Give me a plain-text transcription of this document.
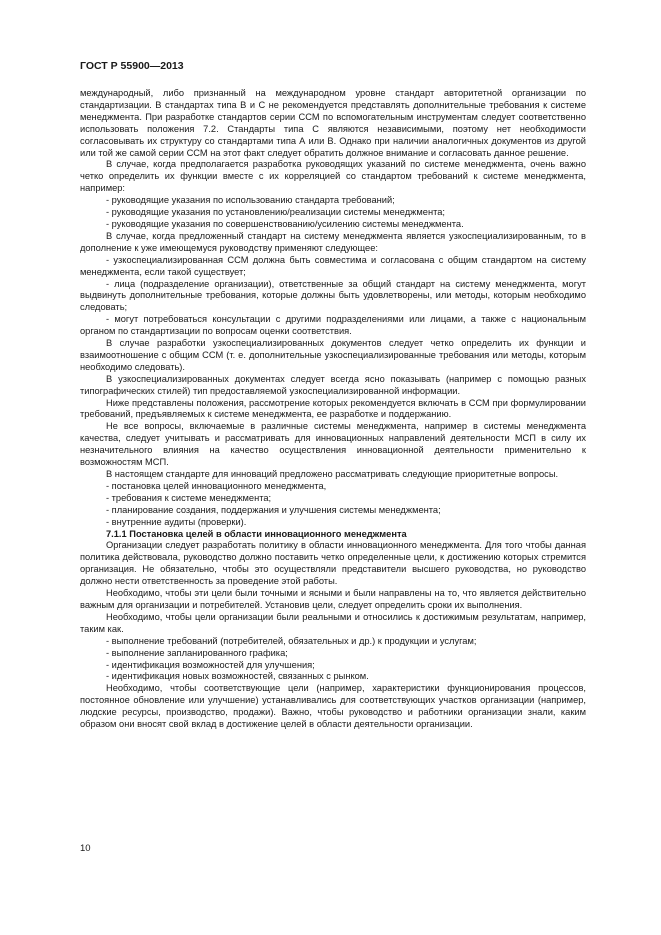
ГОСТ Р 55900—2013

международный, либо признанный на международном уровне стандарт авторитетной организации по стандартизации. В стандартах типа В и С не рекомендуется представлять дополнительные требования к системе менеджмента. При разработке стандартов серии ССМ по вспомогательным инструментам следует соответственно использовать положения 7.2. Стандарты типа С являются независимыми, поэтому нет необходимости согласовывать их структуру со стандартами типа А или В. Однако при наличии аналогичных документов из другой или той же самой серии ССМ на этот факт следует обратить должное внимание и согласовать данное решение.

В случае, когда предполагается разработка руководящих указаний по системе менеджмента, очень важно четко определить их функции вместе с их корреляцией со стандартом требований к системе менеджмента, например:

- руководящие указания по использованию стандарта требований;

- руководящие указания по установлению/реализации системы менеджмента;

- руководящие указания по совершенствованию/усилению системы менеджмента.

В случае, когда предложенный стандарт на систему менеджмента является узкоспециализированным, то в дополнение к уже имеющемуся руководству применяют следующее:

- узкоспециализированная ССМ должна быть совместима и согласована с общим стандартом на систему менеджмента, если такой существует;

- лица (подразделение организации), ответственные за общий стандарт на систему менеджмента, могут выдвинуть дополнительные требования, которые должны быть удовлетворены, или методы, которым необходимо следовать;

- могут потребоваться консультации с другими подразделениями или лицами, а также с национальным органом по стандартизации по вопросам оценки соответствия.

В случае разработки узкоспециализированных документов следует четко определить их функции и взаимоотношение с общим ССМ (т. е. дополнительные узкоспециализированные требования или методы, которым необходимо следовать).

В узкоспециализированных документах следует всегда ясно показывать (например с помощью разных типографических стилей) тип предоставляемой узкоспециализированной информации.

Ниже представлены положения, рассмотрение которых рекомендуется включать в ССМ при формулировании требований, предъявляемых к системе менеджмента, ее разработке и поддержанию.

Не все вопросы, включаемые в различные системы менеджмента, например в системы менеджмента качества, следует учитывать и рассматривать для инновационных направлений деятельности МСП в силу их незначительного влияния на качество осуществления инновационной деятельности применительно к возможностям МСП.

В настоящем стандарте для инноваций предложено рассматривать следующие приоритетные вопросы.

- постановка целей инновационного менеджмента,

- требования к системе менеджмента;

- планирование создания, поддержания и улучшения системы менеджмента;

- внутренние аудиты (проверки).

7.1.1 Постановка целей в области инновационного менеджмента

Организации следует разработать политику в области инновационного менеджмента. Для того чтобы данная политика действовала, руководство должно поставить четко определенные цели, к достижению которых стремится организация. Не обязательно, чтобы это осуществляли представители высшего руководства, но руководство должно нести ответственность за проведение этой работы.

Необходимо, чтобы эти цели были точными и ясными и были направлены на то, что является действительно важным для организации и потребителей. Установив цели, следует определить сроки их выполнения.

Необходимо, чтобы цели организации были реальными и относились к достижимым результатам, например, таким как.

- выполнение требований (потребителей, обязательных и др.) к продукции и услугам;

- выполнение запланированного графика;

- идентификация возможностей для улучшения;

- идентификация новых возможностей, связанных с рынком.

Необходимо, чтобы соответствующие цели (например, характеристики функционирования процессов, постоянное обновление или улучшение) устанавливались для соответствующих участков организации (например, людские ресурсы, производство, продажи). Важно, чтобы руководство и работники организации знали, каким образом они вносят свой вклад в достижение целей в области деятельности организации.

10
